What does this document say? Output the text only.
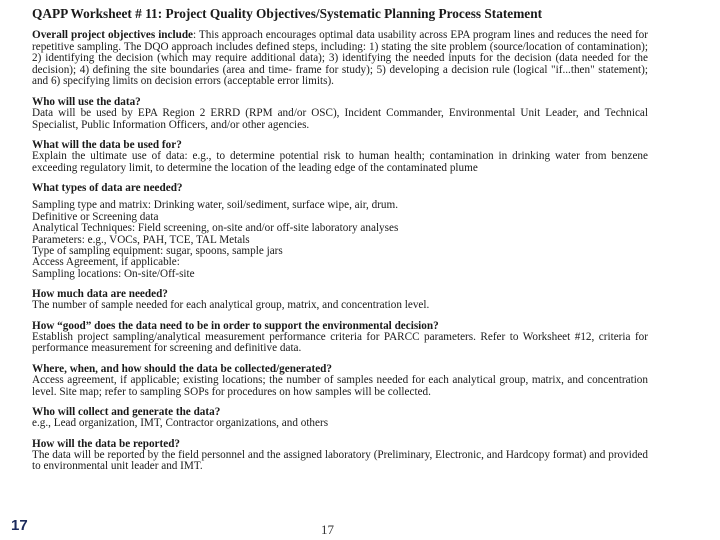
QAPP Worksheet # 11: Project Quality Objectives/Systematic Planning Process Statement

Overall project objectives include: This approach encourages optimal data usability across EPA program lines and reduces the need for repetitive sampling. The DQO approach includes defined steps, including: 1) stating the site problem (source/location of contamination); 2) identifying the decision (which may require additional data); 3) identifying the needed inputs for the decision (data needed for the decision); 4) defining the site boundaries (area and time- frame for study); 5) developing a decision rule (logical "if...then" statement); and 6) specifying limits on decision errors (acceptable error limits).

Who will use the data?

Data will be used by EPA Region 2 ERRD (RPM and/or OSC), Incident Commander, Environmental Unit Leader, and Technical Specialist, Public Information Officers, and/or other agencies.

What will the data be used for?

Explain the ultimate use of data: e.g., to determine potential risk to human health; contamination in drinking water from benzene exceeding regulatory limit, to determine the location of the leading edge of the contaminated plume

What types of data are needed?

Sampling type and matrix: Drinking water, soil/sediment, surface wipe, air, drum.
Definitive or Screening data
Analytical Techniques: Field screening, on-site and/or off-site laboratory analyses
Parameters: e.g., VOCs, PAH, TCE, TAL Metals
Type of sampling equipment: sugar, spoons, sample jars
Access Agreement, if applicable:
Sampling locations: On-site/Off-site

How much data are needed?

The number of sample needed for each analytical group, matrix, and concentration level.

How “good” does the data need to be in order to support the environmental decision?

Establish project sampling/analytical measurement performance criteria for PARCC parameters. Refer to Worksheet #12, criteria for performance measurement for screening and definitive data.

Where, when, and how should the data be collected/generated?

Access agreement, if applicable; existing locations; the number of samples needed for each analytical group, matrix, and concentration level. Site map; refer to sampling SOPs for procedures on how samples will be collected.

Who will collect and generate the data?

e.g., Lead organization, IMT, Contractor organizations, and others

How will the data be reported?

The data will be reported by the field personnel and the assigned laboratory (Preliminary, Electronic, and Hardcopy format) and provided to environmental unit leader and IMT.

17	17
